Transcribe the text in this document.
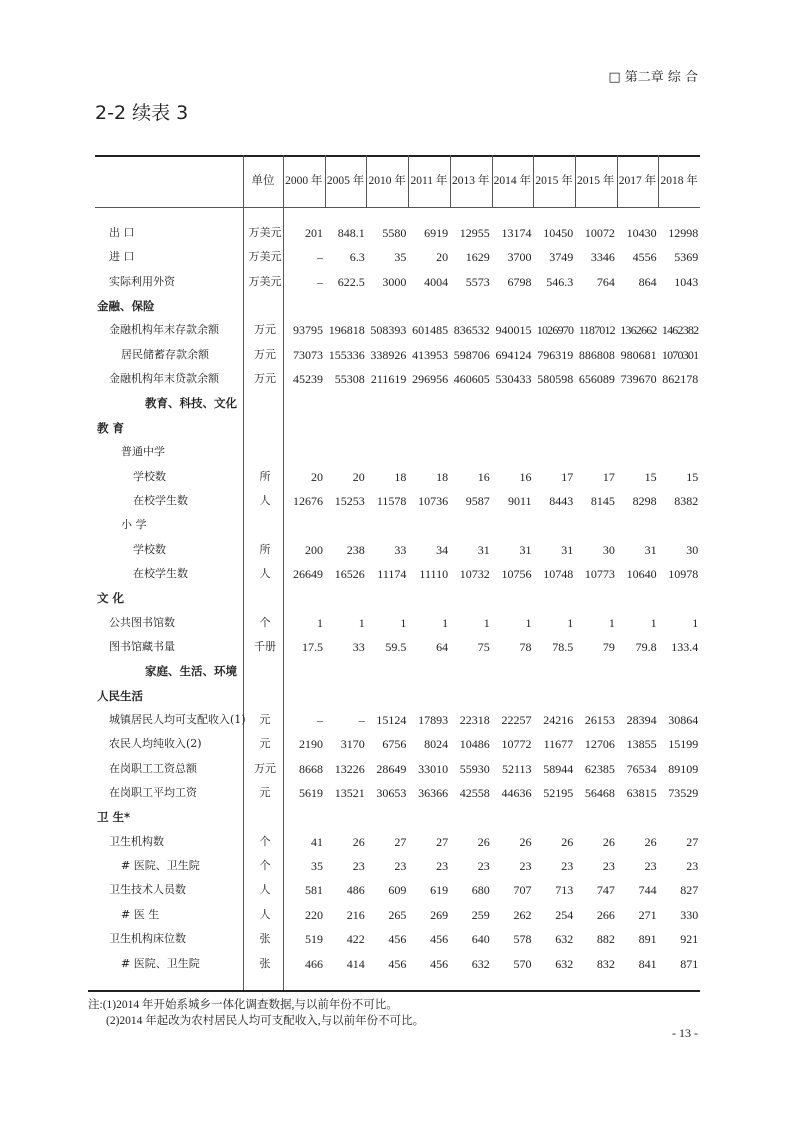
□ 第二章 综 合
2-2 续表 3
单位 2000 年 2005 年 2010 年 2011 年 2013 年 2014 年 2015 年 2015 年 2017 年 2018 年
出 口	万美元	201	848.1	5580	6919 12955 13174 10450 10072 10430 12998
进 口	万美元	–	6.3	35	20	1629	3700	3749	3346	4556	5369
实际利用外资	万美元	–	622.5	3000	4004	5573	6798	546.3	764	864	1043
金融、保险
金融机构年末存款余额	万元	93795 196818 508393 601485 836532 940015 1026970 1187012 1362662 1462382
居民储蓄存款余额	万元	73073 155336 338926 413953 598706 694124 796319 886808 980681 1070301
金融机构年末贷款余额	万元	45239 55308 211619 296956 460605 530433 580598 656089 739670 862178
教育、科技、文化
教 育
普通中学
学校数	所	20	20	18	18	16	16	17	17	15	15
在校学生数	人	12676 15253	11578 10736	9587	9011	8443	8145	8298	8382
小 学
学校数	所	200	238	33	34	31	31	31	30	31	30
在校学生数	人	26649 16526	11174	11110 10732 10756 10748 10773 10640 10978
文 化
公共图书馆数	个	1	1	1	1	1	1	1	1	1	1
图书馆藏书量	千册	17.5	33	59.5	64	75	78	78.5	79	79.8	133.4
家庭、生活、环境
人民生活
城镇居民人均可支配收入(1)	元	–	– 15124 17893 22318 22257 24216 26153 28394 30864
农民人均纯收入(2)	元	2190	3170	6756	8024 10486 10772	11677 12706 13855 15199
在岗职工工资总额	万元	8668 13226 28649 33010 55930	52113 58944 62385 76534 89109
在岗职工平均工资	元	5619 13521 30653 36366 42558 44636 52195 56468 63815 73529
卫 生*
卫生机构数	个	41	26	27	27	26	26	26	26	26	27
# 医院、卫生院	个	35	23	23	23	23	23	23	23	23	23
卫生技术人员数	人	581	486	609	619	680	707	713	747	744	827
# 医 生	人	220	216	265	269	259	262	254	266	271	330
卫生机构床位数	张	519	422	456	456	640	578	632	882	891	921
# 医院、卫生院	张	466	414	456	456	632	570	632	832	841	871
注:(1)2014 年开始系城乡一体化调查数据,与以前年份不可比。
(2)2014 年起改为农村居民人均可支配收入,与以前年份不可比。
- 13 -
